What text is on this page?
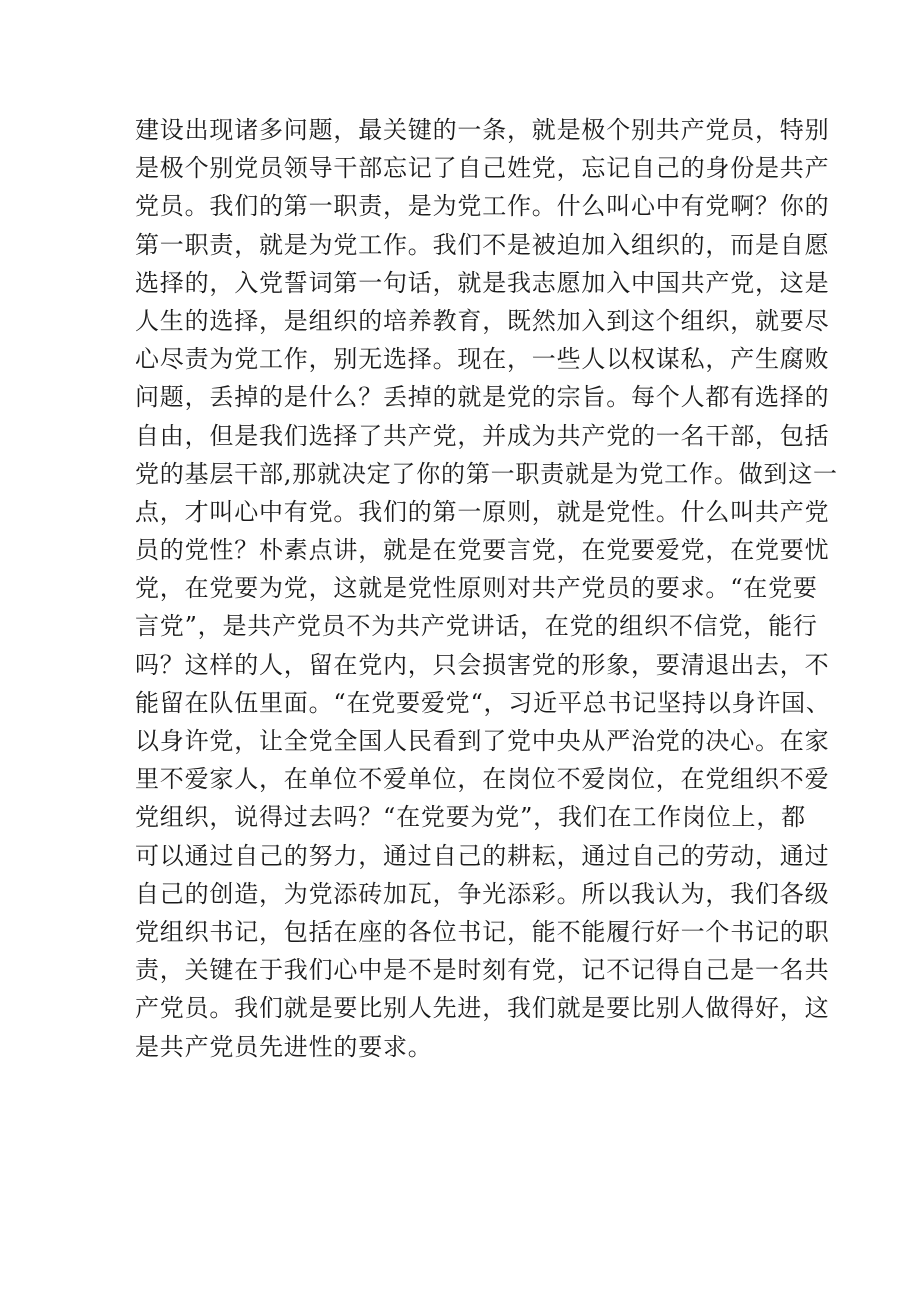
建设出现诸多问题，最关键的一条，就是极个别共产党员，特别
是极个别党员领导干部忘记了自己姓党，忘记自己的身份是共产
党员。我们的第一职责，是为党工作。什么叫心中有党啊？你的
第一职责，就是为党工作。我们不是被迫加入组织的，而是自愿
选择的，入党誓词第一句话，就是我志愿加入中国共产党，这是
人生的选择，是组织的培养教育，既然加入到这个组织，就要尽
心尽责为党工作，别无选择。现在，一些人以权谋私，产生腐败
问题，丢掉的是什么？丢掉的就是党的宗旨。每个人都有选择的
自由，但是我们选择了共产党，并成为共产党的一名干部，包括
党的基层干部,那就决定了你的第一职责就是为党工作。做到这一
点，才叫心中有党。我们的第一原则，就是党性。什么叫共产党
员的党性？朴素点讲，就是在党要言党，在党要爱党，在党要忧
党，在党要为党，这就是党性原则对共产党员的要求。“在党要
言党”，是共产党员不为共产党讲话，在党的组织不信党，能行
吗？这样的人，留在党内，只会损害党的形象，要清退出去，不
能留在队伍里面。“在党要爱党“，习近平总书记坚持以身许国、
以身许党，让全党全国人民看到了党中央从严治党的决心。在家
里不爱家人，在单位不爱单位，在岗位不爱岗位，在党组织不爱
党组织，说得过去吗？“在党要为党”，我们在工作岗位上，都
可以通过自己的努力，通过自己的耕耘，通过自己的劳动，通过
自己的创造，为党添砖加瓦，争光添彩。所以我认为，我们各级
党组织书记，包括在座的各位书记，能不能履行好一个书记的职
责，关键在于我们心中是不是时刻有党，记不记得自己是一名共
产党员。我们就是要比别人先进，我们就是要比别人做得好，这
是共产党员先进性的要求。
